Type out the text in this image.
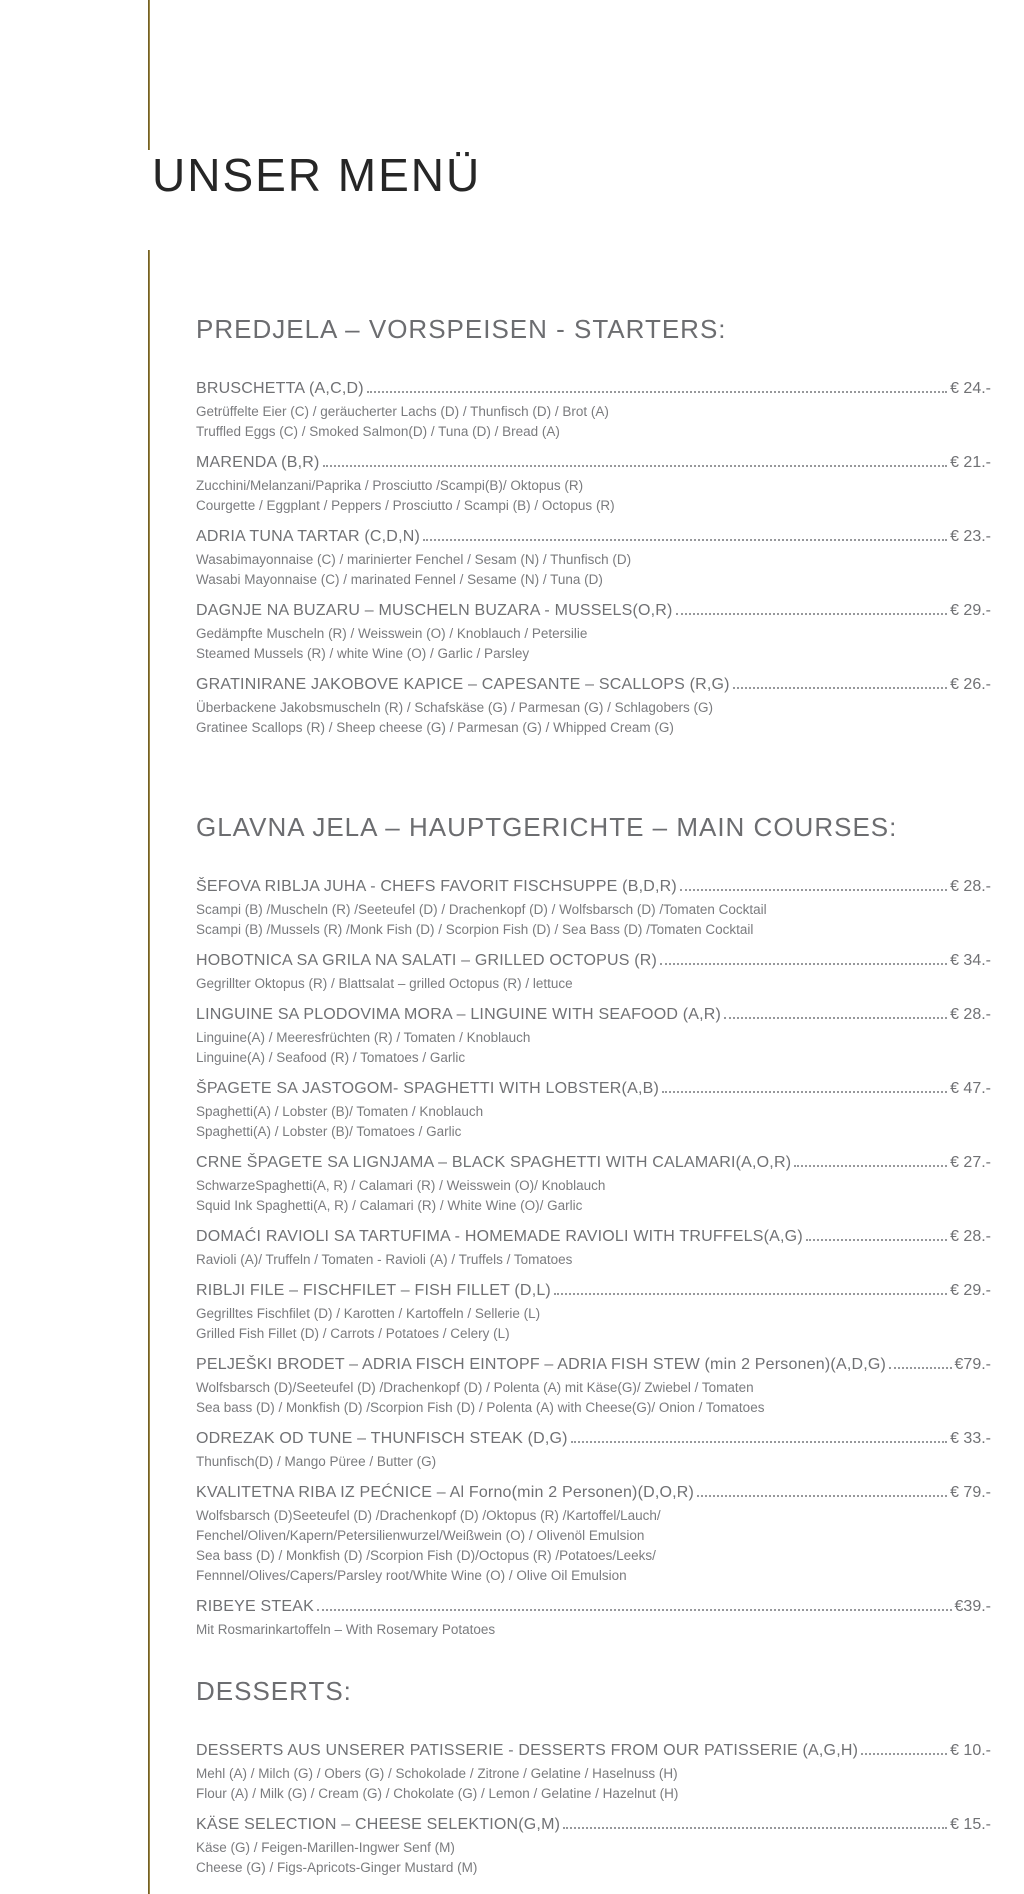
UNSER MENÜ
PREDJELA – VORSPEISEN - STARTERS:
BRUSCHETTA (A,C,D)	€ 24.-
Getrüffelte Eier (C) / geräucherter Lachs (D) / Thunfisch (D) / Brot (A)
Truffled Eggs (C) / Smoked Salmon(D) / Tuna (D) / Bread (A)
MARENDA (B,R)	€ 21.-
Zucchini/Melanzani/Paprika / Prosciutto /Scampi(B)/ Oktopus (R)
Courgette / Eggplant / Peppers / Prosciutto / Scampi (B) / Octopus (R)
ADRIA TUNA TARTAR (C,D,N)	€ 23.-
Wasabimayonnaise (C) / marinierter Fenchel / Sesam (N) / Thunfisch (D)
Wasabi Mayonnaise (C) / marinated Fennel / Sesame (N) / Tuna (D)
DAGNJE NA BUZARU – MUSCHELN BUZARA - MUSSELS(O,R)	€ 29.-
Gedämpfte Muscheln (R) / Weisswein (O) / Knoblauch / Petersilie
Steamed Mussels (R) / white Wine (O) / Garlic / Parsley
GRATINIRANE JAKOBOVE KAPICE – CAPESANTE – SCALLOPS (R,G)	€ 26.-
Überbackene Jakobsmuscheln (R) / Schafskäse (G) / Parmesan (G) / Schlagobers (G)
Gratinee Scallops (R) / Sheep cheese (G) / Parmesan (G) / Whipped Cream (G)
GLAVNA JELA – HAUPTGERICHTE – MAIN COURSES:
ŠEFOVA RIBLJA JUHA - CHEFS FAVORIT FISCHSUPPE (B,D,R)	€ 28.-
Scampi (B) /Muscheln (R) /Seeteufel (D) / Drachenkopf (D) / Wolfsbarsch (D) /Tomaten Cocktail
Scampi (B) /Mussels (R) /Monk Fish (D) / Scorpion Fish (D) / Sea Bass (D) /Tomaten Cocktail
HOBOTNICA SA GRILA NA SALATI – GRILLED OCTOPUS (R)	€ 34.-
Gegrillter Oktopus (R) / Blattsalat – grilled Octopus (R) / lettuce
LINGUINE SA PLODOVIMA MORA – LINGUINE WITH SEAFOOD (A,R)	€ 28.-
Linguine(A) / Meeresfrüchten (R) / Tomaten / Knoblauch
Linguine(A) / Seafood (R) / Tomatoes / Garlic
ŠPAGETE SA JASTOGOM- SPAGHETTI WITH LOBSTER(A,B)	€ 47.-
Spaghetti(A) / Lobster (B)/ Tomaten / Knoblauch
Spaghetti(A) / Lobster (B)/ Tomatoes / Garlic
CRNE ŠPAGETE SA LIGNJAMA – BLACK SPAGHETTI WITH CALAMARI(A,O,R)	€ 27.-
SchwarzeSpaghetti(A, R) / Calamari (R) / Weisswein (O)/ Knoblauch
Squid Ink Spaghetti(A, R) / Calamari (R) / White Wine (O)/ Garlic
DOMAĆI RAVIOLI SA TARTUFIMA - HOMEMADE RAVIOLI WITH TRUFFELS(A,G)	€ 28.-
Ravioli (A)/ Truffeln / Tomaten - Ravioli (A) / Truffels / Tomatoes
RIBLJI FILE – FISCHFILET – FISH FILLET (D,L)	€ 29.-
Gegrilltes Fischfilet (D) / Karotten / Kartoffeln / Sellerie (L)
Grilled Fish Fillet (D) / Carrots / Potatoes / Celery (L)
PELJEŠKI BRODET – ADRIA FISCH EINTOPF – ADRIA FISH STEW (min 2 Personen)(A,D,G)	€79.-
Wolfsbarsch (D)/Seeteufel (D) /Drachenkopf (D) / Polenta (A) mit Käse(G)/ Zwiebel / Tomaten
Sea bass (D) / Monkfish (D) /Scorpion Fish (D) / Polenta (A) with Cheese(G)/ Onion / Tomatoes
ODREZAK OD TUNE – THUNFISCH STEAK (D,G)	€ 33.-
Thunfisch(D) / Mango Püree / Butter (G)
KVALITETNA RIBA IZ PEĆNICE – Al Forno(min 2 Personen)(D,O,R)	€ 79.-
Wolfsbarsch (D)Seeteufel (D) /Drachenkopf (D) /Oktopus (R) /Kartoffel/Lauch/
Fenchel/Oliven/Kapern/Petersilienwurzel/Weißwein (O) / Olivenöl Emulsion
Sea bass (D) / Monkfish (D) /Scorpion Fish (D)/Octopus (R) /Potatoes/Leeks/
Fennnel/Olives/Capers/Parsley root/White Wine (O) / Olive Oil Emulsion
RIBEYE STEAK	€39.-
Mit Rosmarinkartoffeln – With Rosemary Potatoes
DESSERTS:
DESSERTS AUS UNSERER PATISSERIE - DESSERTS FROM OUR PATISSERIE (A,G,H)	€ 10.-
Mehl (A) / Milch (G) / Obers (G) / Schokolade / Zitrone / Gelatine / Haselnuss (H)
Flour (A) / Milk (G) / Cream (G) / Chokolate (G) / Lemon / Gelatine / Hazelnut (H)
KÄSE SELECTION – CHEESE SELEKTION(G,M)	€ 15.-
Käse (G) / Feigen-Marillen-Ingwer Senf (M)
Cheese (G) / Figs-Apricots-Ginger Mustard (M)
